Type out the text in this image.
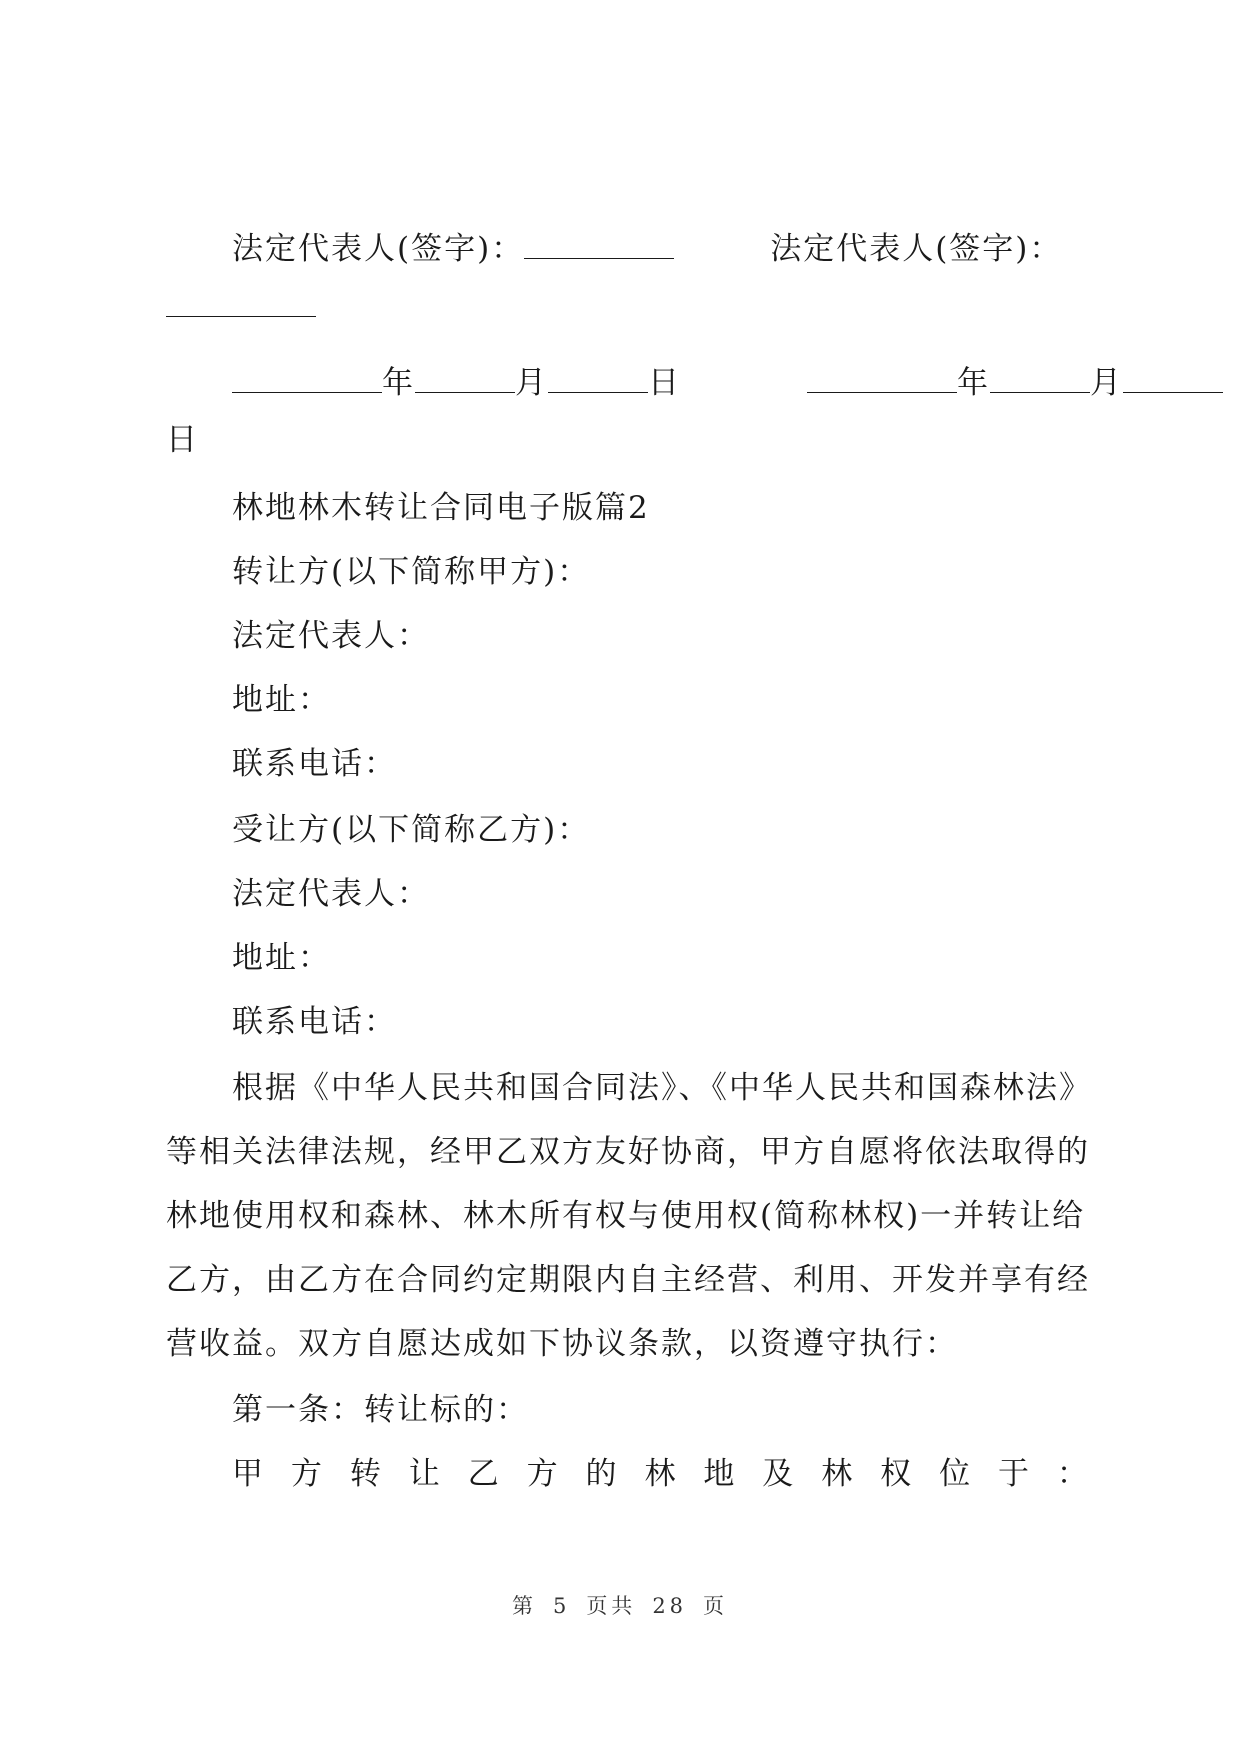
法定代表人(签字)：	法定代表人(签字)：
年	月	日	年	月
日
林地林木转让合同电子版篇2
转让方(以下简称甲方)：
法定代表人：
地址：
联系电话：
受让方(以下简称乙方)：
法定代表人：
地址：
联系电话：
根据《中华人民共和国合同法》、《中华人民共和国森林法》
等相关法律法规，经甲乙双方友好协商，甲方自愿将依法取得的
林地使用权和森林、林木所有权与使用权(简称林权)一并转让给
乙方，由乙方在合同约定期限内自主经营、利用、开发并享有经
营收益。双方自愿达成如下协议条款，以资遵守执行：
第一条：转让标的：
甲 方 转 让 乙 方 的 林 地 及 林 权 位 于 ：
第 5 页共 28 页
